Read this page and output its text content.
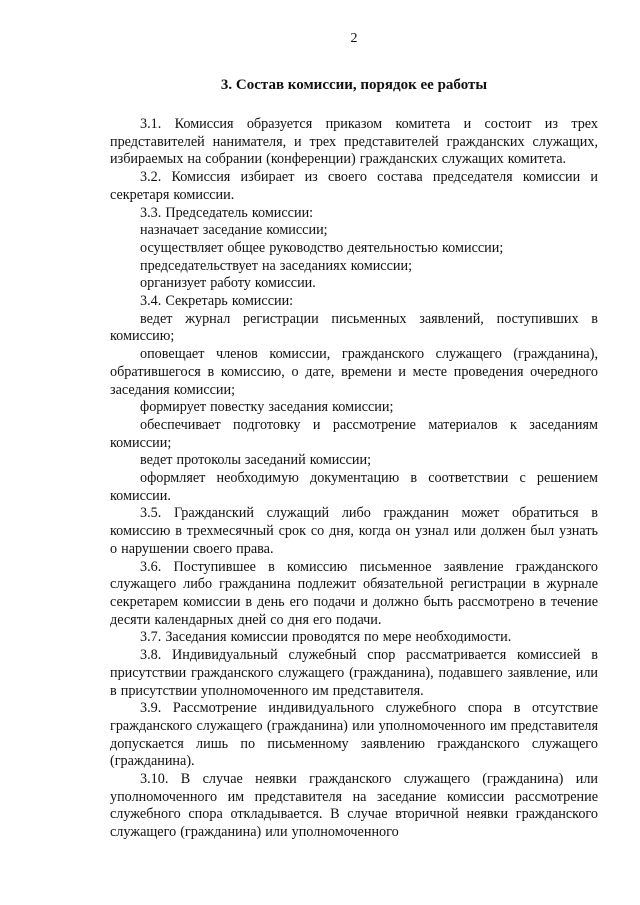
2
3. Состав комиссии, порядок ее работы

3.1. Комиссия образуется приказом комитета и состоит из трех представителей нанимателя, и трех представителей гражданских служащих, избираемых на собрании (конференции) гражданских служащих комитета.

3.2. Комиссия избирает из своего состава председателя комиссии и секретаря комиссии.

3.3. Председатель комиссии:

назначает заседание комиссии;

осуществляет общее руководство деятельностью комиссии;

председательствует на заседаниях комиссии;

организует работу комиссии.

3.4. Секретарь комиссии:

ведет журнал регистрации письменных заявлений, поступивших в комиссию;

оповещает членов комиссии, гражданского служащего (гражданина), обратившегося в комиссию, о дате, времени и месте проведения очередного заседания комиссии;

формирует повестку заседания комиссии;

обеспечивает подготовку и рассмотрение материалов к заседаниям комиссии;

ведет протоколы заседаний комиссии;

оформляет необходимую документацию в соответствии с решением комиссии.

3.5. Гражданский служащий либо гражданин может обратиться в комиссию в трехмесячный срок со дня, когда он узнал или должен был узнать о нарушении своего права.

3.6. Поступившее в комиссию письменное заявление гражданского служащего либо гражданина подлежит обязательной регистрации в журнале секретарем комиссии в день его подачи и должно быть рассмотрено в течение десяти календарных дней со дня его подачи.

3.7. Заседания комиссии проводятся по мере необходимости.

3.8. Индивидуальный служебный спор рассматривается комиссией в присутствии гражданского служащего (гражданина), подавшего заявление, или в присутствии уполномоченного им представителя.

3.9. Рассмотрение индивидуального служебного спора в отсутствие гражданского служащего (гражданина) или уполномоченного им представителя допускается лишь по письменному заявлению гражданского служащего (гражданина).

3.10. В случае неявки гражданского служащего (гражданина) или уполномоченного им представителя на заседание комиссии рассмотрение служебного спора откладывается. В случае вторичной неявки гражданского служащего (гражданина) или уполномоченного
